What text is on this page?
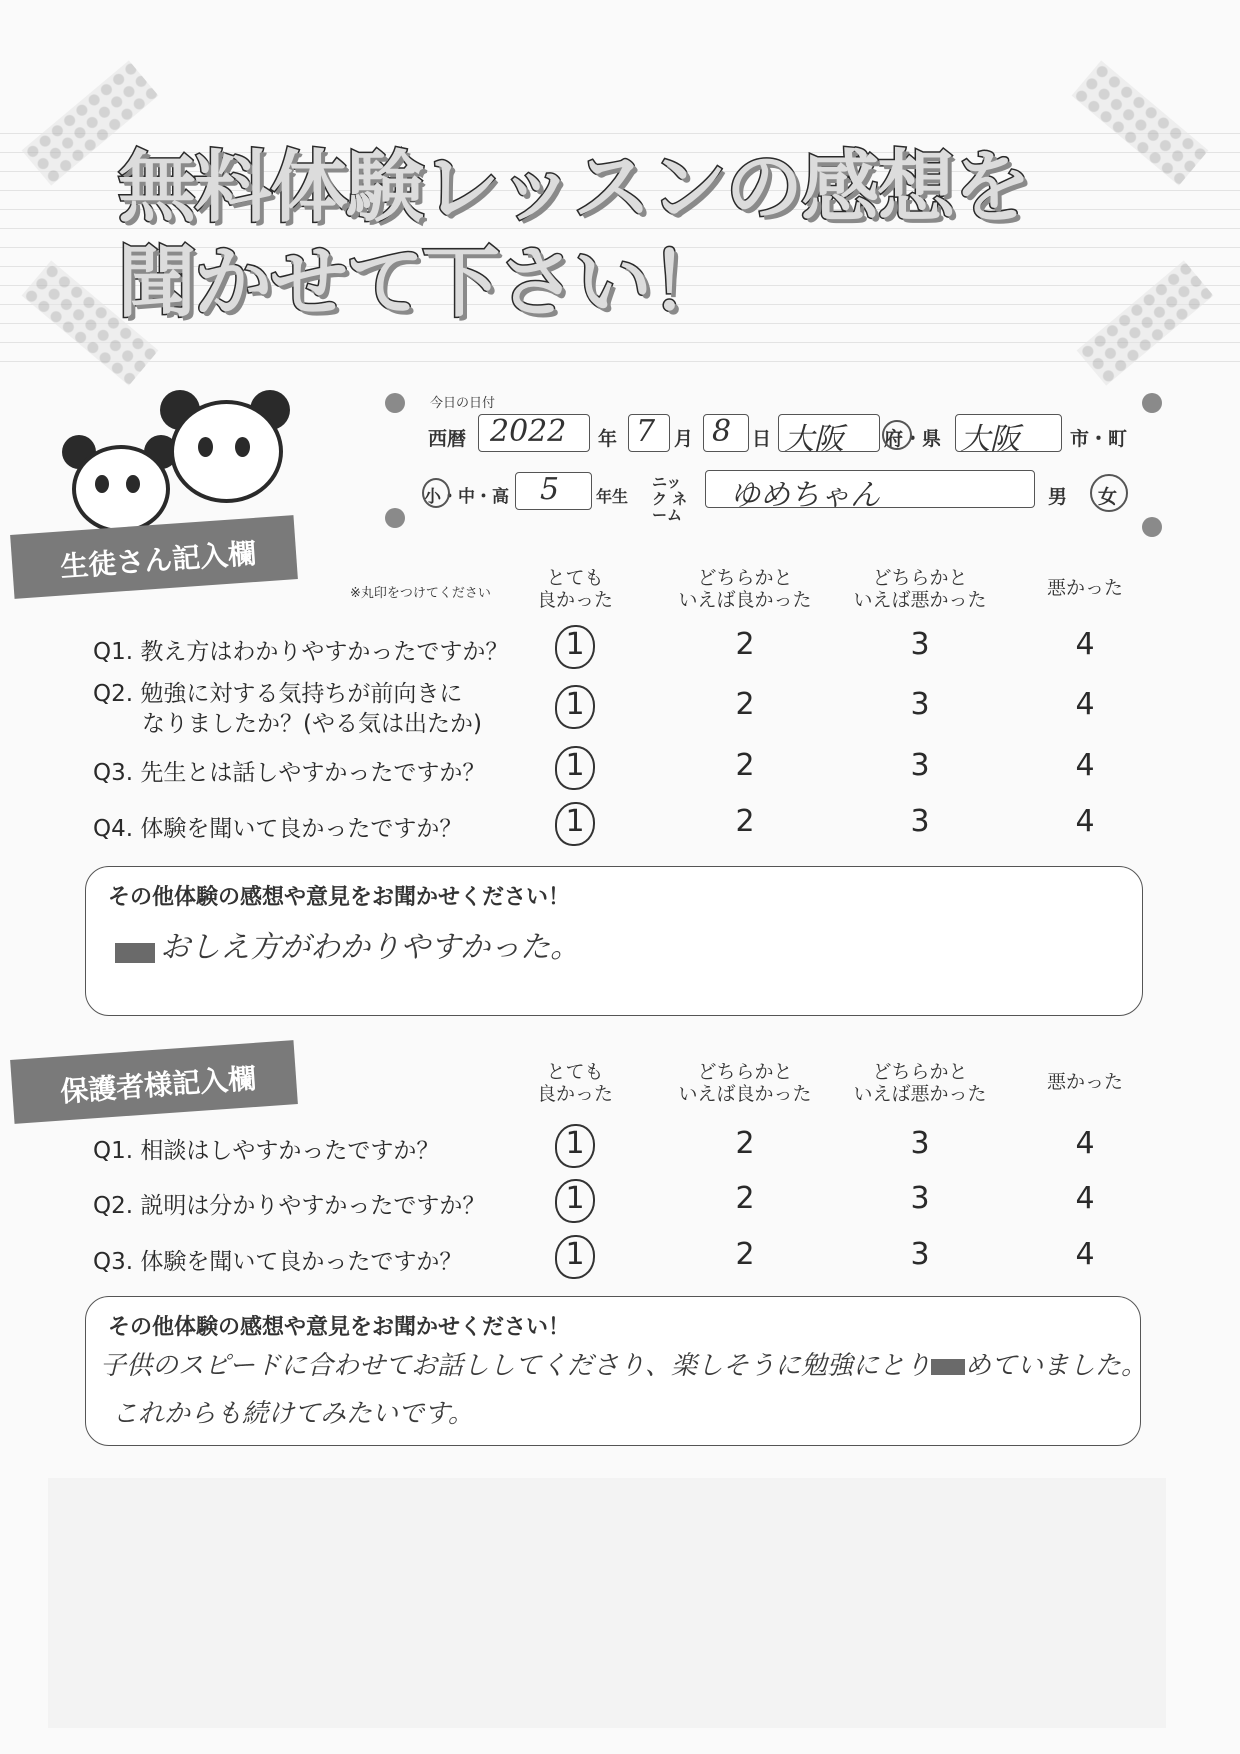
無料体験レッスンの感想を
聞かせて下さい！
今日の日付
西暦 2022 年 7 月 8 日 大阪 府・県 大阪	市・町
小・中・高 5 年生
ニック ネーム
ゆめちゃん	男 女
生徒さん記入欄
※丸印をつけてください
とても
良かった
どちらかと
いえば良かった
どちらかと
いえば悪かった
悪かった
Q1. 教え方はわかりやすかったですか？	1	2	3	4
Q2. 勉強に対する気持ちが前向きに
なりましたか？(やる気は出たか)
1	2	3	4
Q3. 先生とは話しやすかったですか？	1	2	3	4
Q4. 体験を聞いて良かったですか？	1	2	3	4
その他体験の感想や意見をお聞かせください！
おしえ方がわかりやすかった。
保護者様記入欄	とても
良かった
どちらかと
いえば良かった
どちらかと
いえば悪かった
悪かった
Q1. 相談はしやすかったですか？	1	2	3	4
Q2. 説明は分かりやすかったですか？	1	2	3	4
Q3. 体験を聞いて良かったですか？	1	2	3	4
その他体験の感想や意見をお聞かせください！
子供のスピードに合わせてお話ししてくださり、楽しそうに勉強にとり めていました。
これからも続けてみたいです。
